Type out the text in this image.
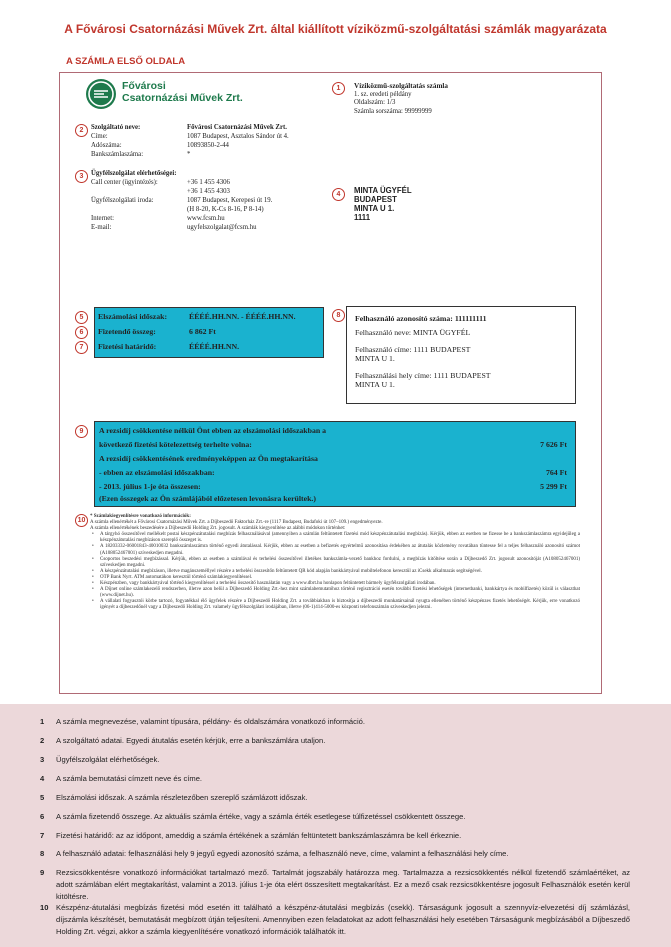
A Fővárosi Csatornázási Művek Zrt. által kiállított víziközmű-szolgáltatási számlák magyarázata
A SZÁMLA ELSŐ OLDALA
Fővárosi
Csatornázási Művek Zrt.
1	Víziközmű-szolgáltatás számla
1. sz. eredeti példány
Oldalszám: 1/3
Számla sorszáma: 99999999
2	Szolgáltató neve:	Fővárosi Csatornázási Művek Zrt.
Címe:	1087 Budapest, Asztalos Sándor út 4.
Adószáma:	10893850-2-44
Bankszámlaszáma:	*
3	Ügyfélszolgálat elérhetőségei:
Call center (ügyintézés):	+36 1 455 4306
+36 1 455 4303
Ügyfélszolgálati iroda:	1087 Budapest, Kerepesi út 19.
(H 8-20, K-Cs 8-16, P 8-14)
Internet:	www.fcsm.hu
E-mail:	ugyfelszolgalat@fcsm.hu
4	MINTA ÜGYFÉL
BUDAPEST
MINTA U 1.
1111
5
6
7
Elszámolási időszak:	ÉÉÉÉ.HH.NN. - ÉÉÉÉ.HH.NN.
Fizetendő összeg:	6 862 Ft
Fizetési határidő:	ÉÉÉÉ.HH.NN.
8	Felhasználó azonosító száma: 111111111
Felhasználó neve: MINTA ÜGYFÉL
Felhasználó címe: 1111 BUDAPEST
MINTA U 1.
Felhasználási hely címe: 1111 BUDAPEST
MINTA U 1.
9	A rezsidíj csökkentése nélkül Önt ebben az elszámolási időszakban a
következő fizetési kötelezettség terhelte volna:	7 626 Ft
A rezsidíj csökkentésének eredményeképpen az Ön megtakarítása
- ebben az elszámolási időszakban:	764 Ft
- 2013. július 1-je óta összesen:	5 299 Ft
(Ezen összegek az Ön számlájából előzetesen levonásra kerültek.)
10
* Számlakiegyenlítésre vonatkozó információk:
A számla ellenértékét a Fővárosi Csatornázási Művek Zrt. a Díjbeszedő Faktorház Zrt.-re (1117 Budapest, Budafoki út 107–109.) engedményezte.
A számla ellenértékének beszedésére a Díjbeszedő Holding Zrt. jogosult. A számlák kiegyenlítése az alábbi módokon történhet:
• A tárgyhó összesítővel mellékelt postai készpénzátutalási megbízás felhasználásával (amennyiben a számlán feltüntetett fizetési mód készpénzátutalási megbízás). Kérjük, ebben az esetben ne fizesse be a bankszámlaszámra egyidejűleg a készpénzátutalási megbízáson szereplő összeget is.
• A 18203332-06001843-40010032 bankszámlaszámra történő egyedi átutalással. Kérjük, ebben az esetben a befizetés egyértelmű azonosítása érdekében az átutalás közlemény rovatában tüntesse fel a teljes felhasználó azonosító számot (A108052467001) szíveskedjen megadni.
• Csoportos beszedési megbízással. Kérjük, ebben az esetben a számlával és terhelési összesítővel illetékes bankszámla-vezető bankhoz fordulni, a megbízás kitöltése során a Díjbeszedő Zrt. jogosult azonosítóját (A108052467001) szíveskedjen megadni.
• A készpénzátutalási megbízáson, illetve magánszeméllyel részére a terhelési összesítőn feltüntetett QR kód alapján bankkártyával mobiltelefonon keresztül az iCsekk alkalmazás segítségével.
• OTP Bank Nyrt. ATM automatákon keresztül történő számlakiegyenlítéssel.
• Készpénzben, vagy bankkártyával történő kiegyenlítéssel a terhelési összesítő használatán vagy a www.dbrt.hu honlapon feltüntetett bármely ügyfélszolgálati irodában.
• A Díjnet online számlakezelő rendszerben, illetve azon belül a Díjbeszedő Holding Zrt.-hez mint számlabemutatóhoz történő regisztráció esetén további fizetési lehetőségek (internetbanki, bankkártya és mobilfizetés) közül is választhat (www.dijnet.hu).
• A vállalati fogyasztói körbe tartozó, fogyatékkal élő ügyfelek részére a Díjbeszedő Holding Zrt. a továbbiakban is biztosítja a díjbeszedő munkatársainál nyugta ellenében történő készpénzes fizetés lehetőségét. Kérjük, erre vonatkozó igényét a díjbeszedőnél vagy a Díjbeszedő Holding Zrt. valamely ügyfélszolgálati irodájában, illetve (06-1)414-5000-es központi telefonszámán szíveskedjen jelezni.
1 A számla megnevezése, valamint típusára, példány- és oldalszámára vonatkozó információ.
2 A szolgáltató adatai. Egyedi átutalás esetén kérjük, erre a bankszámlára utaljon.
3 Ügyfélszolgálat elérhetőségek.
4 A számla bemutatási címzett neve és címe.
5 Elszámolási időszak. A számla részletezőben szereplő számlázott időszak.
6 A számla fizetendő összege. Az aktuális számla értéke, vagy a számla érték esetlegese túlfizetéssel csökkentett összege.
7 Fizetési határidő: az az időpont, ameddig a számla értékének a számlán feltüntetett bankszámlaszámra be kell érkeznie.
8 A felhasználó adatai: felhasználási hely 9 jegyű egyedi azonosító száma, a felhasználó neve, címe, valamint a felhasználási hely címe.
9 Rezsicsökkentésre vonatkozó információkat tartalmazó mező. Tartalmát jogszabály határozza meg. Tartalmazza a rezsicsökkentés nélkül fizetendő számlaértéket, az adott számlában elért megtakarítást, valamint a 2013. július 1-je óta elért összesített megtakarítást. Ez a mező csak rezsicsökkentésre jogosult Felhasználók esetén kerül kitöltésre.
10 Készpénz-átutalási megbízás fizetési mód esetén itt található a készpénz-átutalási megbízás (csekk). Társaságunk jogosult a szennyvíz-elvezetési díj számlázásl, díjszámla készítését, bemutatását megbízott útján teljesíteni. Amennyiben ezen feladatokat az adott felhasználási hely esetében Társaságunk megbízásából a Díjbeszedő Holding Zrt. végzi, akkor a számla kiegyenlítésére vonatkozó információk találhatók itt.
